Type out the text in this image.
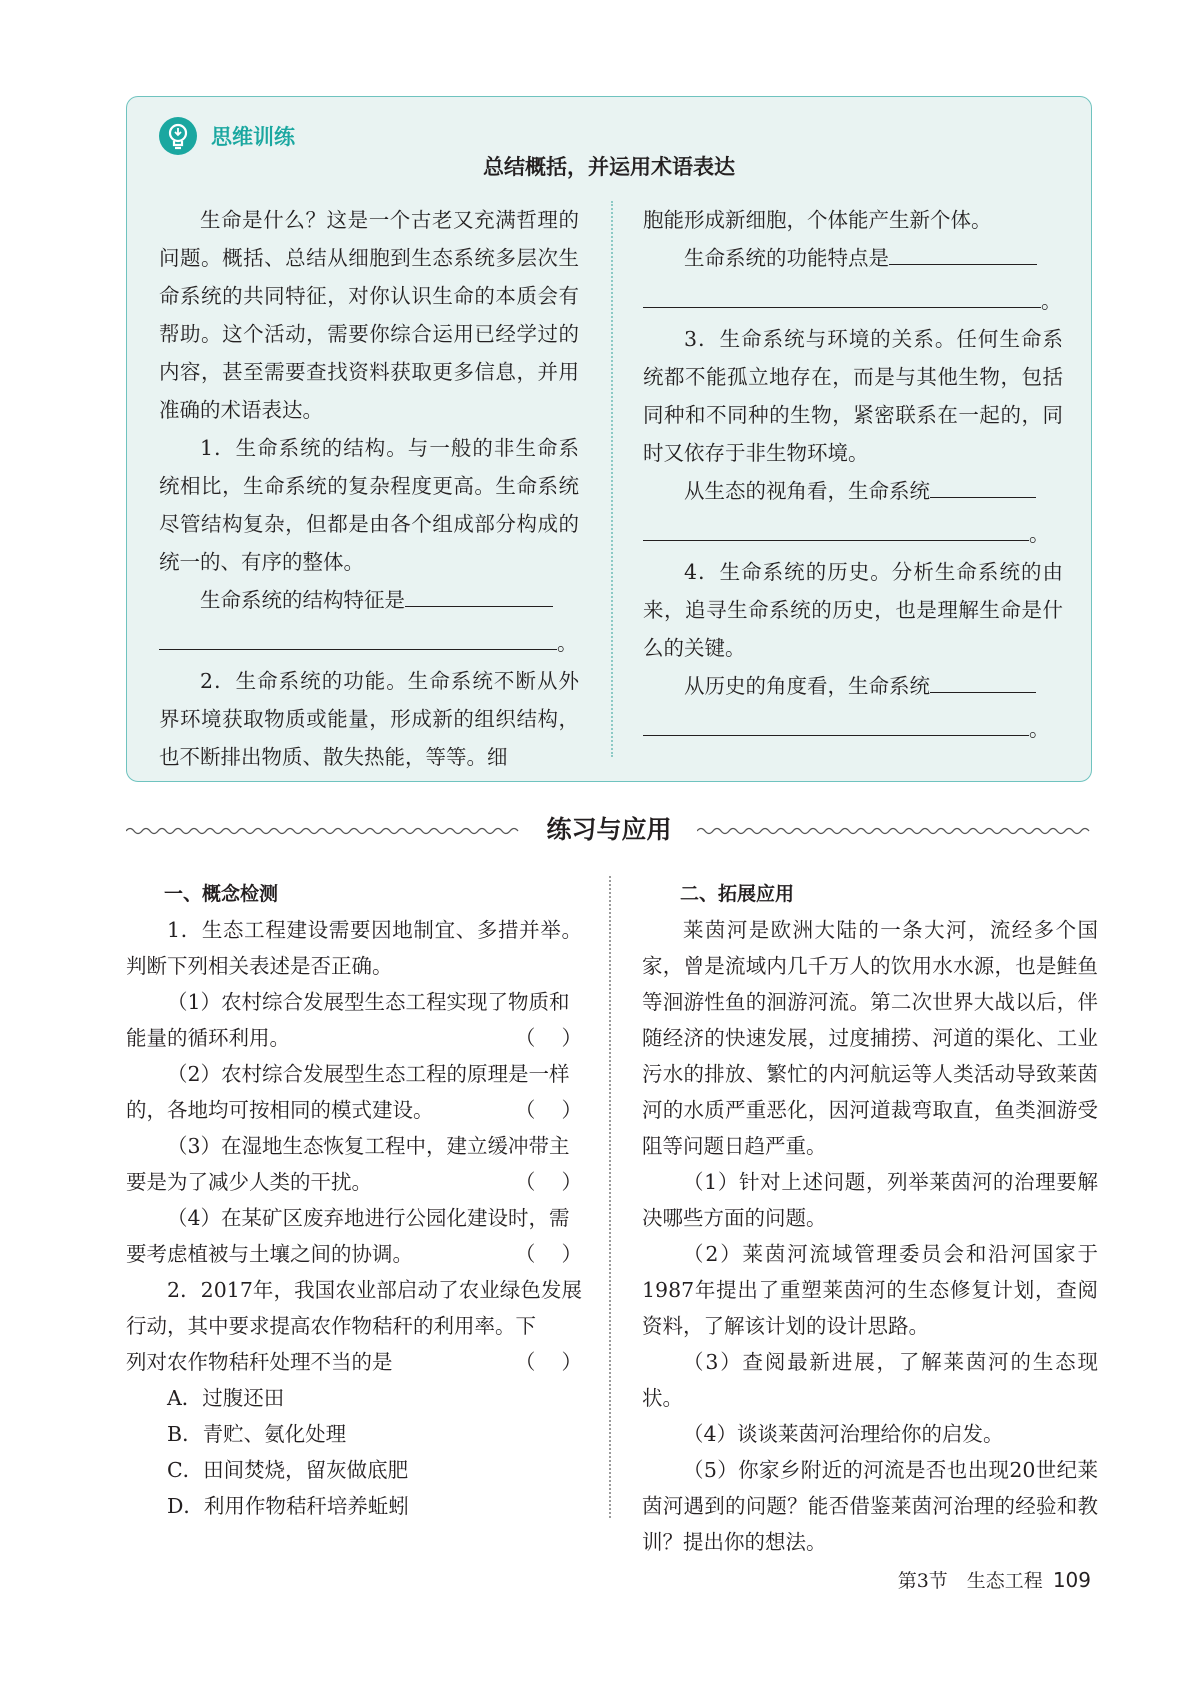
思维训练
总结概括，并运用术语表达

生命是什么？这是一个古老又充满哲理的问题。概括、总结从细胞到生态系统多层次生命系统的共同特征，对你认识生命的本质会有帮助。这个活动，需要你综合运用已经学过的内容，甚至需要查找资料获取更多信息，并用准确的术语表达。

1．生命系统的结构。与一般的非生命系统相比，生命系统的复杂程度更高。生命系统尽管结构复杂，但都是由各个组成部分构成的统一的、有序的整体。

生命系统的结构特征是

。

2．生命系统的功能。生命系统不断从外界环境获取物质或能量，形成新的组织结构，也不断排出物质、散失热能，等等。细

胞能形成新细胞，个体能产生新个体。

生命系统的功能特点是

。

3．生命系统与环境的关系。任何生命系统都不能孤立地存在，而是与其他生物，包括同种和不同种的生物，紧密联系在一起的，同时又依存于非生物环境。

从生态的视角看，生命系统

。

4．生命系统的历史。分析生命系统的由来，追寻生命系统的历史，也是理解生命是什么的关键。

从历史的角度看，生命系统

。
练习与应用
一、概念检测

1．生态工程建设需要因地制宜、多措并举。判断下列相关表述是否正确。

（1）农村综合发展型生态工程实现了物质和

能量的循环利用。	（    ）

（2）农村综合发展型生态工程的原理是一样

的，各地均可按相同的模式建设。	（    ）

（3）在湿地生态恢复工程中，建立缓冲带主

要是为了减少人类的干扰。	（    ）

（4）在某矿区废弃地进行公园化建设时，需

要考虑植被与土壤之间的协调。	（    ）

2．2017年，我国农业部启动了农业绿色发展行动，其中要求提高农作物秸秆的利用率。下

列对农作物秸秆处理不当的是	（    ）
A．过腹还田
B．青贮、氨化处理
C．田间焚烧，留灰做底肥
D．利用作物秸秆培养蚯蚓
二、拓展应用

莱茵河是欧洲大陆的一条大河，流经多个国家，曾是流域内几千万人的饮用水水源，也是鲑鱼等洄游性鱼的洄游河流。第二次世界大战以后，伴随经济的快速发展，过度捕捞、河道的渠化、工业污水的排放、繁忙的内河航运等人类活动导致莱茵河的水质严重恶化，因河道裁弯取直，鱼类洄游受阻等问题日趋严重。

（1）针对上述问题，列举莱茵河的治理要解决哪些方面的问题。

（2）莱茵河流域管理委员会和沿河国家于1987年提出了重塑莱茵河的生态修复计划，查阅资料，了解该计划的设计思路。

（3）查阅最新进展，了解莱茵河的生态现状。

（4）谈谈莱茵河治理给你的启发。

（5）你家乡附近的河流是否也出现20世纪莱茵河遇到的问题？能否借鉴莱茵河治理的经验和教训？提出你的想法。

第3节　生态工程 109
